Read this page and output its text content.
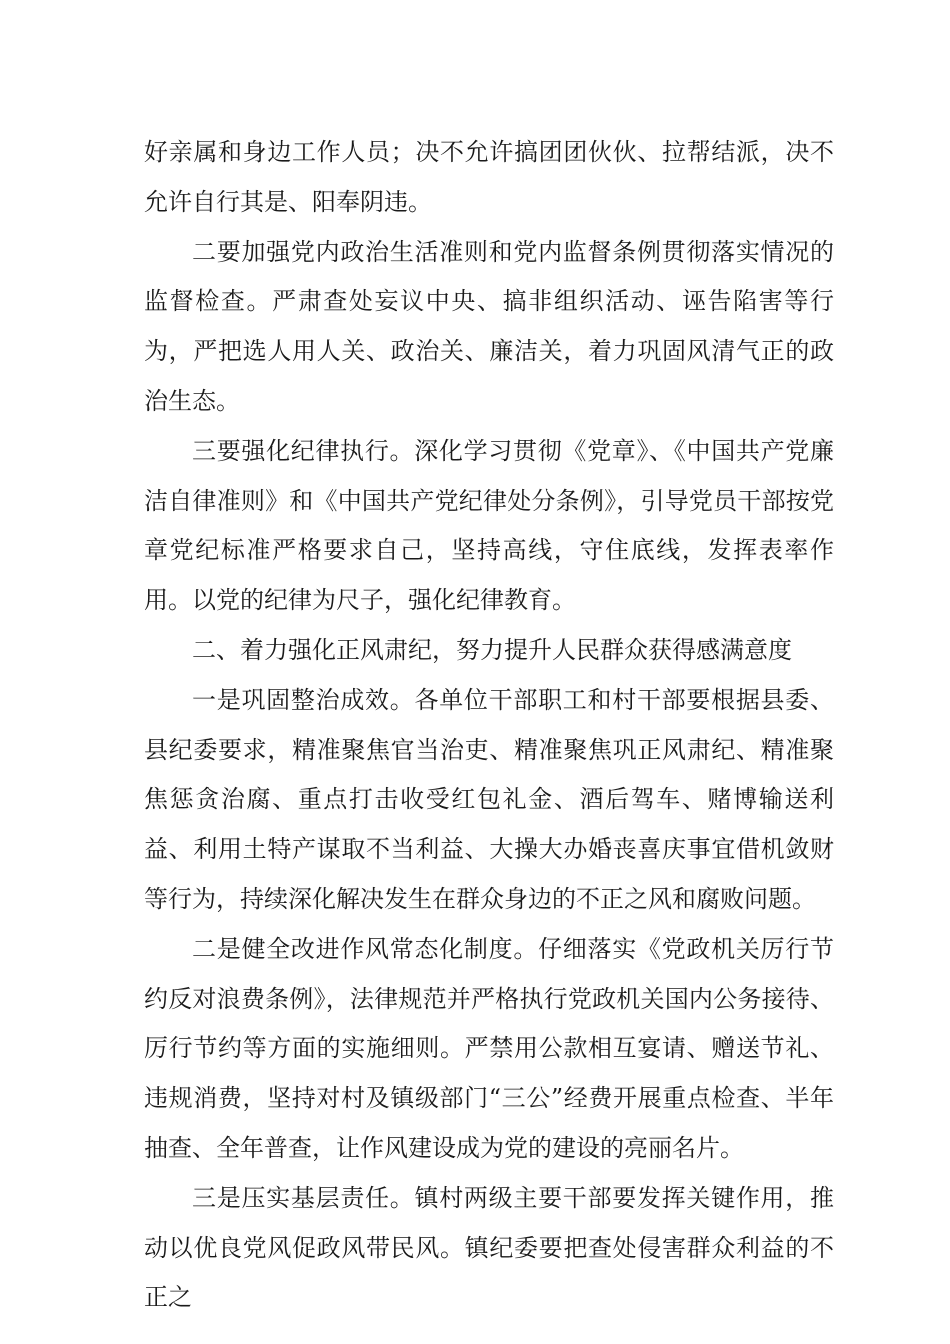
好亲属和身边工作人员；决不允许搞团团伙伙、拉帮结派，决不允许自行其是、阳奉阴违。

二要加强党内政治生活准则和党内监督条例贯彻落实情况的监督检查。严肃查处妄议中央、搞非组织活动、诬告陷害等行为，严把选人用人关、政治关、廉洁关，着力巩固风清气正的政治生态。

三要强化纪律执行。深化学习贯彻《党章》、《中国共产党廉洁自律准则》和《中国共产党纪律处分条例》，引导党员干部按党章党纪标准严格要求自己，坚持高线，守住底线，发挥表率作用。以党的纪律为尺子，强化纪律教育。

二、着力强化正风肃纪，努力提升人民群众获得感满意度

一是巩固整治成效。各单位干部职工和村干部要根据县委、县纪委要求，精准聚焦官当治吏、精准聚焦巩正风肃纪、精准聚焦惩贪治腐、重点打击收受红包礼金、酒后驾车、赌博输送利益、利用土特产谋取不当利益、大操大办婚丧喜庆事宜借机敛财等行为，持续深化解决发生在群众身边的不正之风和腐败问题。

二是健全改进作风常态化制度。仔细落实《党政机关厉行节约反对浪费条例》，法律规范并严格执行党政机关国内公务接待、厉行节约等方面的实施细则。严禁用公款相互宴请、赠送节礼、违规消费，坚持对村及镇级部门“三公”经费开展重点检查、半年抽查、全年普查，让作风建设成为党的建设的亮丽名片。

三是压实基层责任。镇村两级主要干部要发挥关键作用，推动以优良党风促政风带民风。镇纪委要把查处侵害群众利益的不正之
